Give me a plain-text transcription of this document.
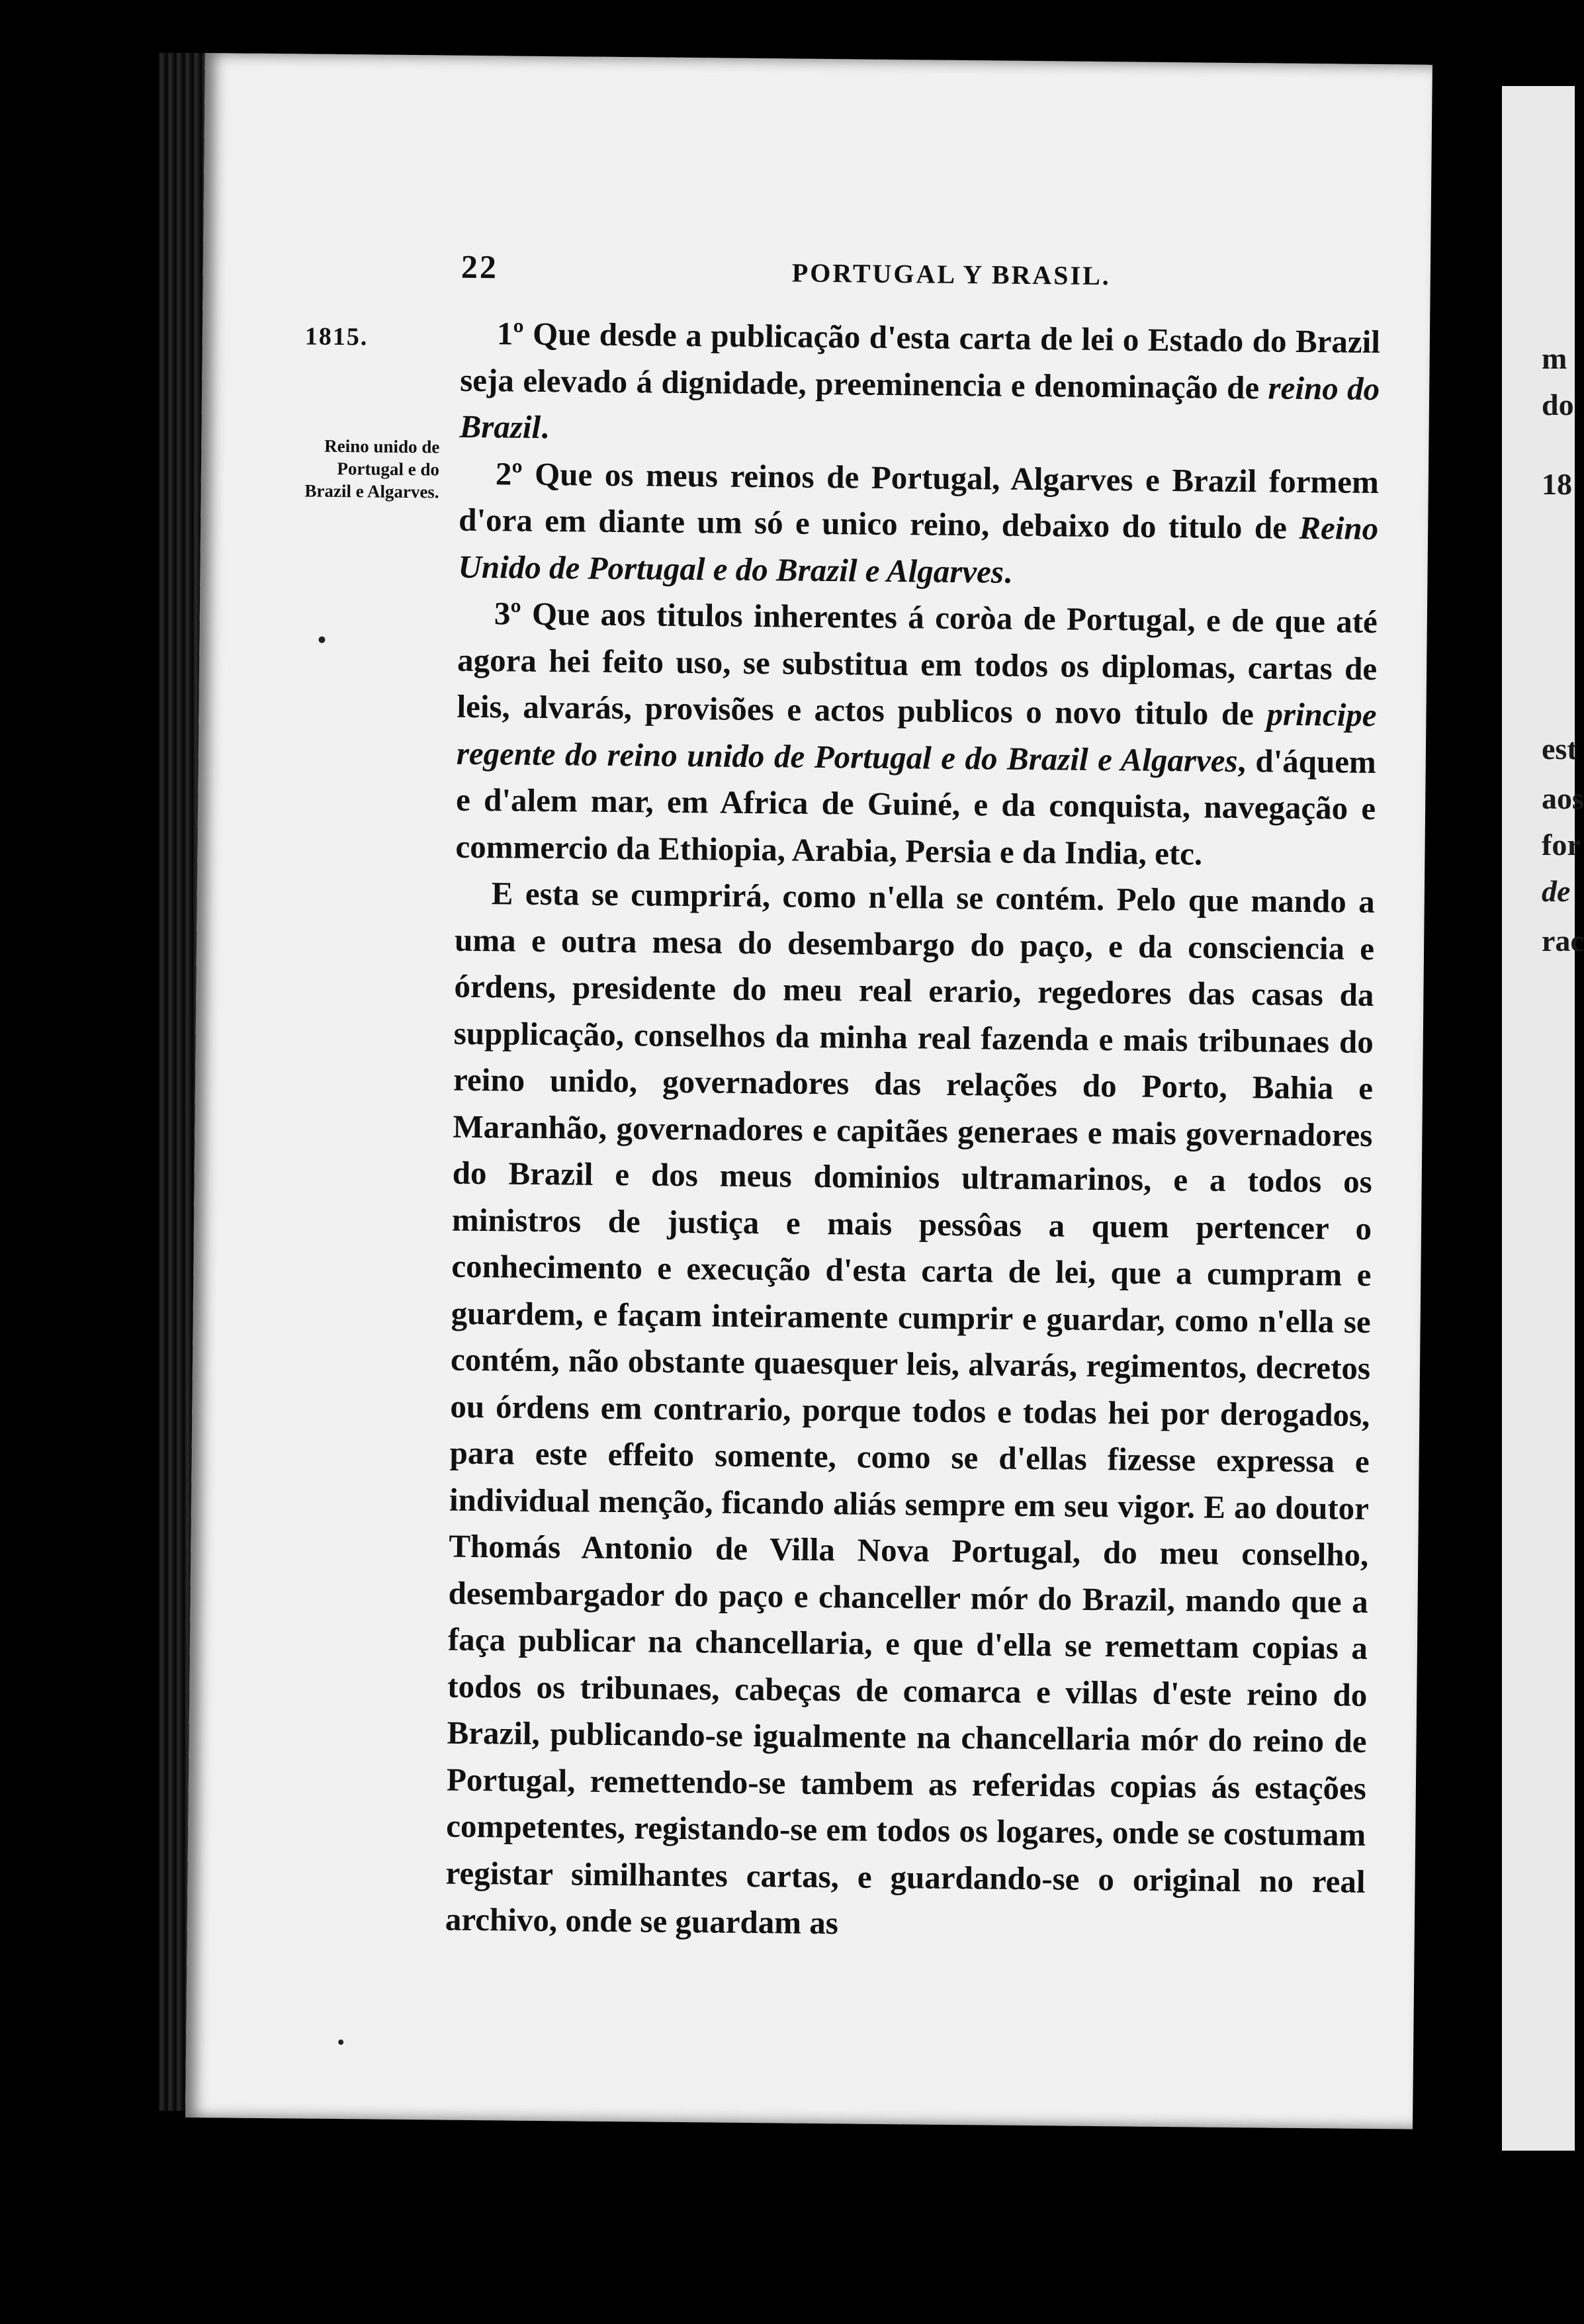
22	PORTUGAL Y BRASIL.
1815.
Reino unido de Portugal e do Brazil e Algarves.

1º Que desde a publicação d'esta carta de lei o Estado do Brazil seja elevado á dignidade, preeminencia e denominação de reino do Brazil.

2º Que os meus reinos de Portugal, Algarves e Brazil formem d'ora em diante um só e unico reino, debaixo do titulo de Reino Unido de Portugal e do Brazil e Algarves.

3º Que aos titulos inherentes á coròa de Portugal, e de que até agora hei feito uso, se substitua em todos os diplomas, cartas de leis, alvarás, provisões e actos publicos o novo titulo de principe regente do reino unido de Portugal e do Brazil e Algarves, d'áquem e d'alem mar, em Africa de Guiné, e da conquista, navegação e commercio da Ethiopia, Arabia, Persia e da India, etc.

E esta se cumprirá, como n'ella se contém. Pelo que mando a uma e outra mesa do desembargo do paço, e da consciencia e órdens, presidente do meu real erario, regedores das casas da supplicação, conselhos da minha real fazenda e mais tribunaes do reino unido, governadores das relações do Porto, Bahia e Maranhão, governadores e capitães generaes e mais governadores do Brazil e dos meus dominios ultramarinos, e a todos os ministros de justiça e mais pessôas a quem pertencer o conhecimento e execução d'esta carta de lei, que a cumpram e guardem, e façam inteiramente cumprir e guardar, como n'ella se contém, não obstante quaesquer leis, alvarás, regimentos, decretos ou órdens em contrario, porque todos e todas hei por derogados, para este effeito somente, como se d'ellas fizesse expressa e individual menção, ficando aliás sempre em seu vigor. E ao doutor Thomás Antonio de Villa Nova Portugal, do meu conselho, desembargador do paço e chanceller mór do Brazil, mando que a faça publicar na chancellaria, e que d'ella se remettam copias a todos os tribunaes, cabeças de comarca e villas d'este reino do Brazil, publicando-se igualmente na chancellaria mór do reino de Portugal, remettendo-se tambem as referidas copias ás estações competentes, registando-se em todos os logares, onde se costumam registar similhantes cartas, e guardando-se o original no real archivo, onde se guardam as

m
do
18
est
aos
for
de
rac
